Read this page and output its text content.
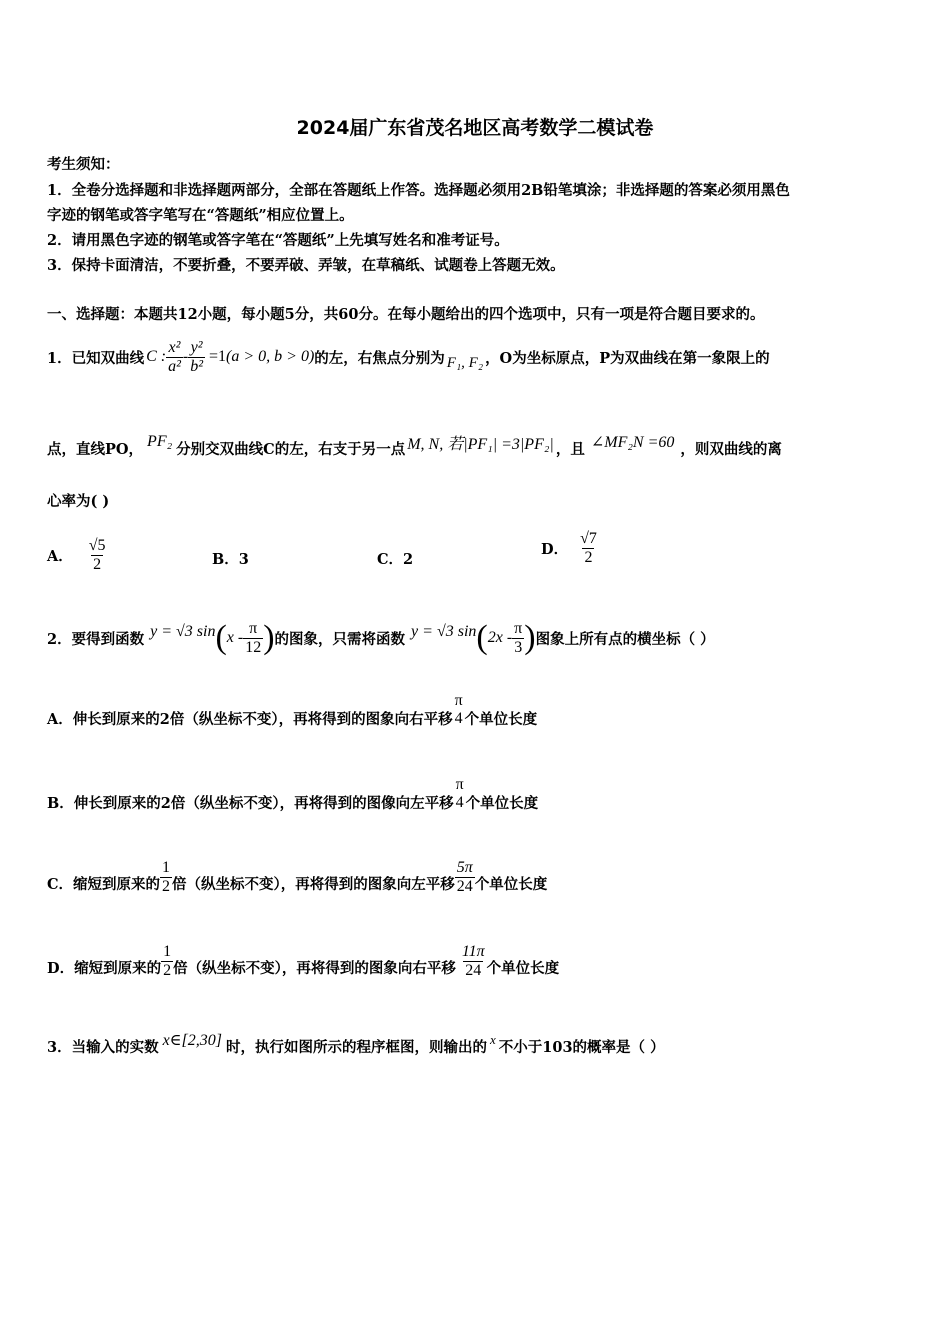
2024届广东省茂名地区高考数学二模试卷
考生须知：
1．全卷分选择题和非选择题两部分，全部在答题纸上作答。选择题必须用2B铅笔填涂；非选择题的答案必须用黑色
字迹的钢笔或答字笔写在“答题纸”相应位置上。
2．请用黑色字迹的钢笔或答字笔在“答题纸”上先填写姓名和准考证号。
3．保持卡面清洁，不要折叠，不要弄破、弄皱，在草稿纸、试题卷上答题无效。
一、选择题：本题共12小题，每小题5分，共60分。在每小题给出的四个选项中，只有一项是符合题目要求的。
1．已知双曲线 C : $\frac{\text{x²}}{\text{a²}} - \frac{\text{y²}}{\text{b²}} =1$ (a > 0, b > 0) 的左，右焦点分别为 F₁, F₂ ，O为坐标原点，P为双曲线在第一象限上的
点，直线PO， PF₂ 分别交双曲线C的左，右支于另一点 M, N, 若|PF₁| =3|PF₂| ，且 ∠MF₂N =60 ，则双曲线的离
心率为( )
A． $\frac{√5}{2}$	B．3	C．2
D． $\frac{√7}{2}$
2．要得到函数 y = √3 sin ( x - $\frac{\pi}{12}$ ) 的图象，只需将函数 y = √3 sin ( $2x - \frac{\pi}{3}$ ) 图象上所有点的横坐标（ ）
A．伸长到原来的2倍（纵坐标不变），再将得到的图象向右平移
π
4 个单位长度
B．伸长到原来的2倍（纵坐标不变），再将得到的图像向左平移
π
4 个单位长度
C．缩短到原来的 $\frac{1}{2}$ 倍（纵坐标不变），再将得到的图象向左平移 $\frac{5\pi}{24}$ 个单位长度
D．缩短到原来的 $\frac{1}{2}$ 倍（纵坐标不变），再将得到的图象向右平移 $\frac{11\pi}{24}$ 个单位长度
3．当输入的实数 x∈[2,30] 时，执行如图所示的程序框图，则输出的 x 不小于103的概率是（ ）
